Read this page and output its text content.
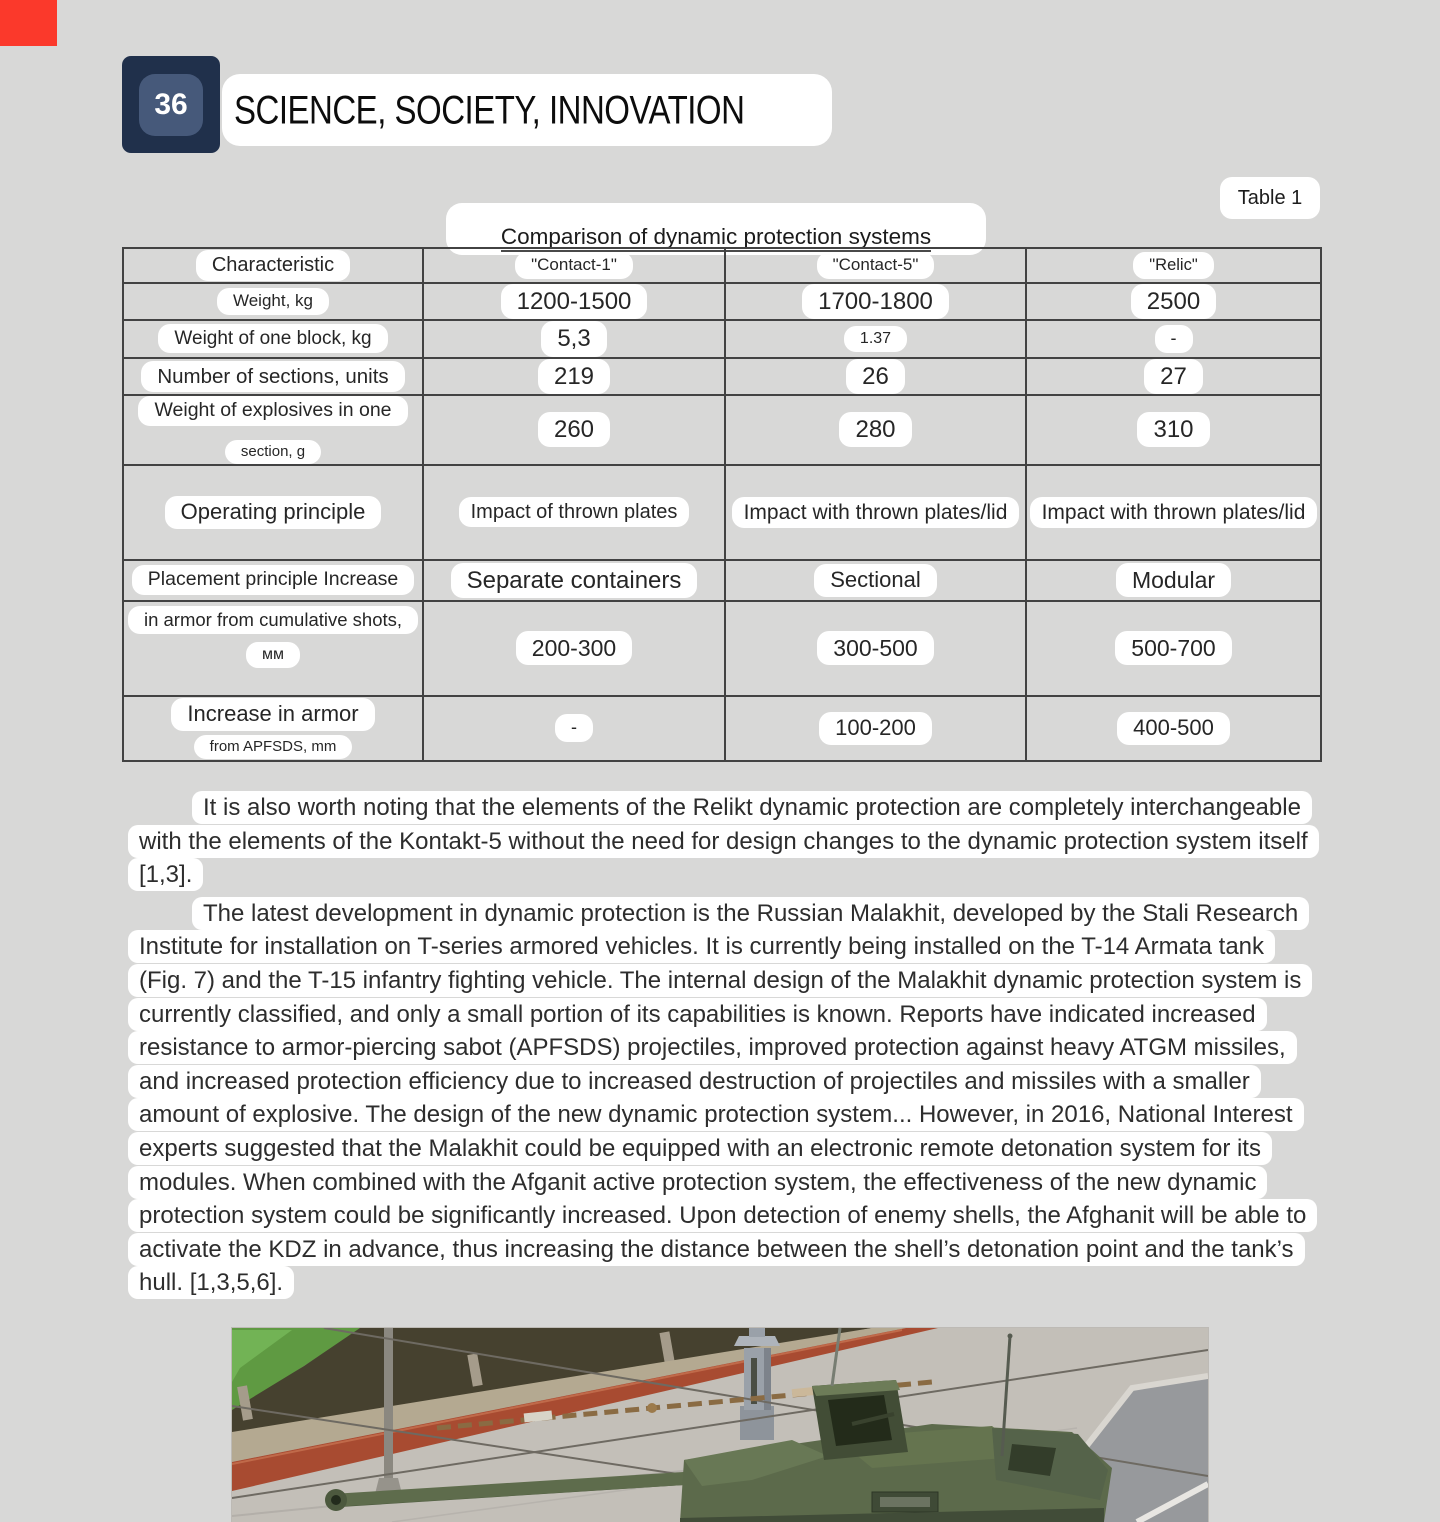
36 SCIENCE, SOCIETY, INNOVATION
Table 1
Comparison of dynamic protection systems
Characteristic	"Contact-1"	"Contact-5"	"Relic"
Weight, kg	1200-1500	1700-1800	2500
Weight of one block, kg	5,3	1.37	-
Number of sections, units	219	26	27

Weight of explosives in one
section, g	260	280	310
Operating principle	Impact of thrown plates	Impact with thrown plates/lid	Impact with thrown plates/lid
Placement principle Increase	Separate containers	Sectional	Modular

in armor from cumulative shots,
мм	200-300	300-500	500-700

Increase in armor
from APFSDS, mm	-	100-200	400-500

It is also worth noting that the elements of the Relikt dynamic protection are completely interchangeable with the elements of the Kontakt-5 without the need for design changes to the dynamic protection system itself [1,3].

The latest development in dynamic protection is the Russian Malakhit, developed by the Stali Research Institute for installation on T-series armored vehicles. It is currently being installed on the T-14 Armata tank (Fig. 7) and the T-15 infantry fighting vehicle. The internal design of the Malakhit dynamic protection system is currently classified, and only a small portion of its capabilities is known. Reports have indicated increased resistance to armor-piercing sabot (APFSDS) projectiles, improved protection against heavy ATGM missiles, and increased protection efficiency due to increased destruction of projectiles and missiles with a smaller amount of explosive. The design of the new dynamic protection system... However, in 2016, National Interest experts suggested that the Malakhit could be equipped with an electronic remote detonation system for its modules. When combined with the Afganit active protection system, the effectiveness of the new dynamic protection system could be significantly increased. Upon detection of enemy shells, the Afghanit will be able to activate the KDZ in advance, thus increasing the distance between the shell’s detonation point and the tank’s hull. [1,3,5,6].
